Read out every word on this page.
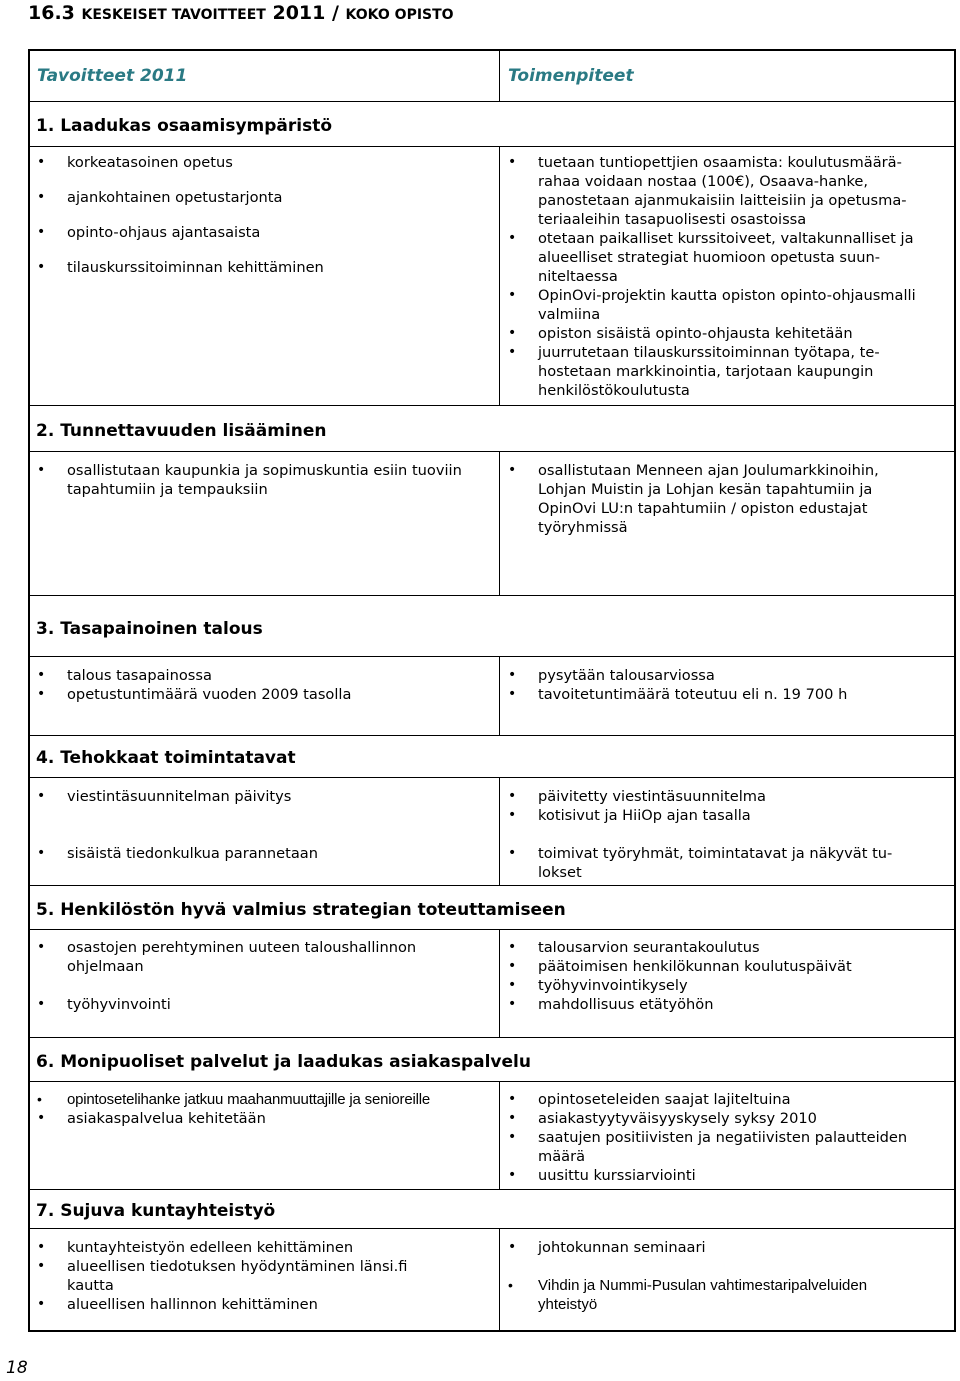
16.3 KESKEISET TAVOITTEET 2011 / KOKO OPISTO
Tavoitteet 2011	Toimenpiteet
1. Laadukas osaamisympäristö
• korkeatasoinen opetus
• ajankohtainen opetustarjonta
• opinto-ohjaus ajantasaista
• tilauskurssitoiminnan kehittäminen
• tuetaan tuntiopettjien osaamista: koulutusmäärä-rahaa voidaan nostaa (100€), Osaava-hanke, panostetaan ajanmukaisiin laitteisiin ja opetusma-teriaaleihin tasapuolisesti osastoissa
• otetaan paikalliset kurssitoiveet, valtakunnalliset ja alueelliset strategiat huomioon opetusta suun-niteltaessa
• OpinOvi-projektin kautta opiston opinto-ohjausmalli valmiina
• opiston sisäistä opinto-ohjausta kehitetään
• juurrutetaan tilauskurssitoiminnan työtapa, te-hostetaan markkinointia, tarjotaan kaupungin henkilöstökoulutusta
2. Tunnettavuuden lisääminen
• osallistutaan kaupunkia ja sopimuskuntia esiin tuoviin tapahtumiin ja tempauksiin
• osallistutaan Menneen ajan Joulumarkkinoihin, Lohjan Muistin ja Lohjan kesän tapahtumiin ja OpinOvi LU:n tapahtumiin / opiston edustajat työryhmissä
3. Tasapainoinen talous
• talous tasapainossa
• opetustuntimäärä vuoden 2009 tasolla
• pysytään talousarviossa
• tavoitetuntimäärä toteutuu eli n. 19 700 h
4. Tehokkaat toimintatavat
• viestintäsuunnitelman päivitys
• sisäistä tiedonkulkua parannetaan
• päivitetty viestintäsuunnitelma
• kotisivut ja HiiOp ajan tasalla
• toimivat työryhmät, toimintatavat ja näkyvät tu-lokset
5. Henkilöstön hyvä valmius strategian toteuttamiseen
• osastojen perehtyminen uuteen taloushallinnon ohjelmaan
• työhyvinvointi
• talousarvion seurantakoulutus
• päätoimisen henkilökunnan koulutuspäivät
• työhyvinvointikysely
• mahdollisuus etätyöhön
6. Monipuoliset palvelut ja laadukas asiakaspalvelu
• opintosetelihanke jatkuu maahanmuuttajille ja senioreille
• asiakaspalvelua kehitetään
• opintoseteleiden saajat lajiteltuina
• asiakastyytyväisyyskysely syksy 2010
• saatujen positiivisten ja negatiivisten palautteiden määrä
• uusittu kurssiarviointi
7. Sujuva kuntayhteistyö
• kuntayhteistyön edelleen kehittäminen
• alueellisen tiedotuksen hyödyntäminen länsi.fi kautta
• alueellisen hallinnon kehittäminen
• johtokunnan seminaari
• Vihdin ja Nummi-Pusulan vahtimestaripalveluiden yhteistyö
18
